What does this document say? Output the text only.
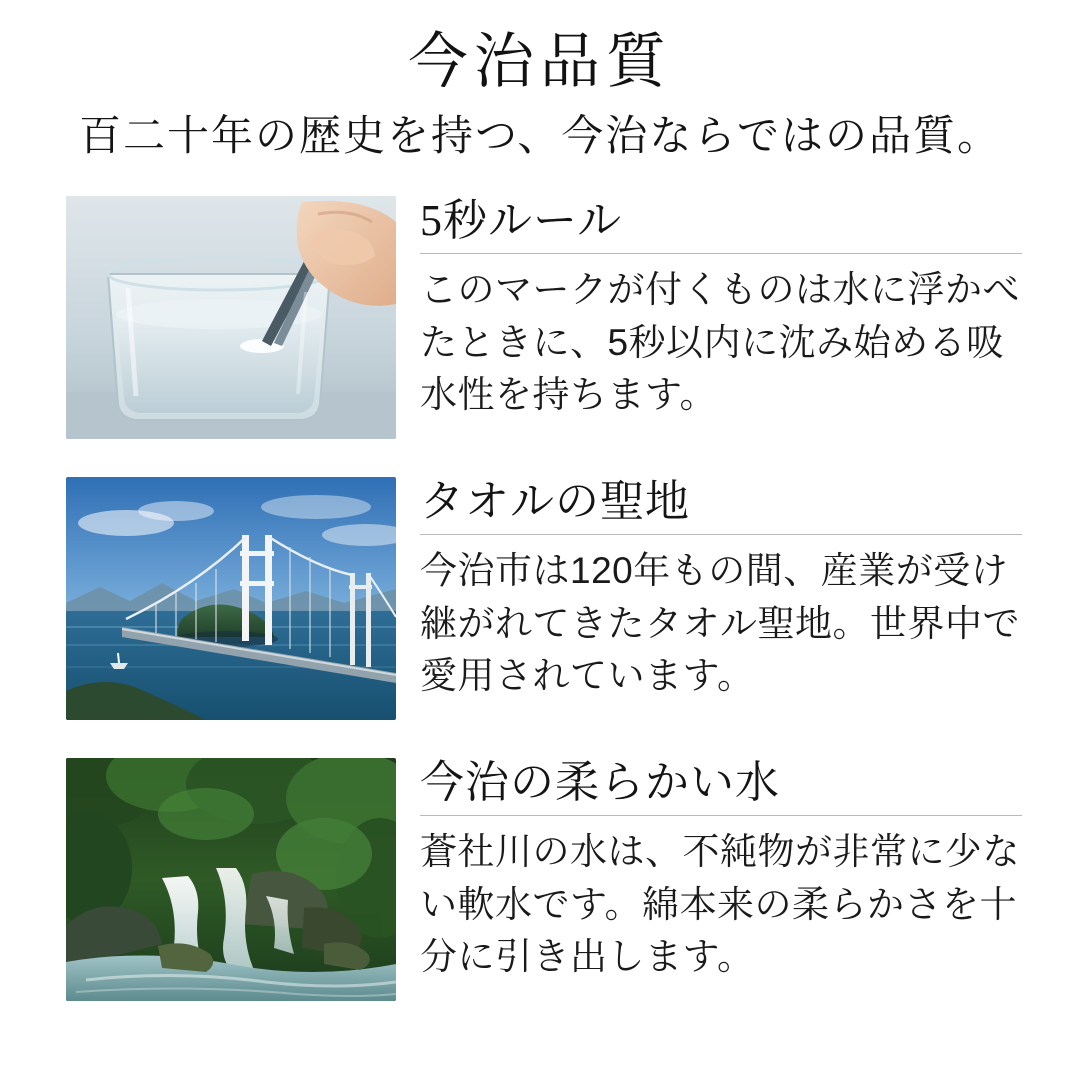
今治品質

百二十年の歴史を持つ、今治ならではの品質。

5秒ルール

このマークが付くものは水に浮かべたときに、5秒以内に沈み始める吸水性を持ちます。

タオルの聖地

今治市は120年もの間、産業が受け継がれてきたタオル聖地。世界中で愛用されています。

今治の柔らかい水

蒼社川の水は、不純物が非常に少ない軟水です。綿本来の柔らかさを十分に引き出します。
